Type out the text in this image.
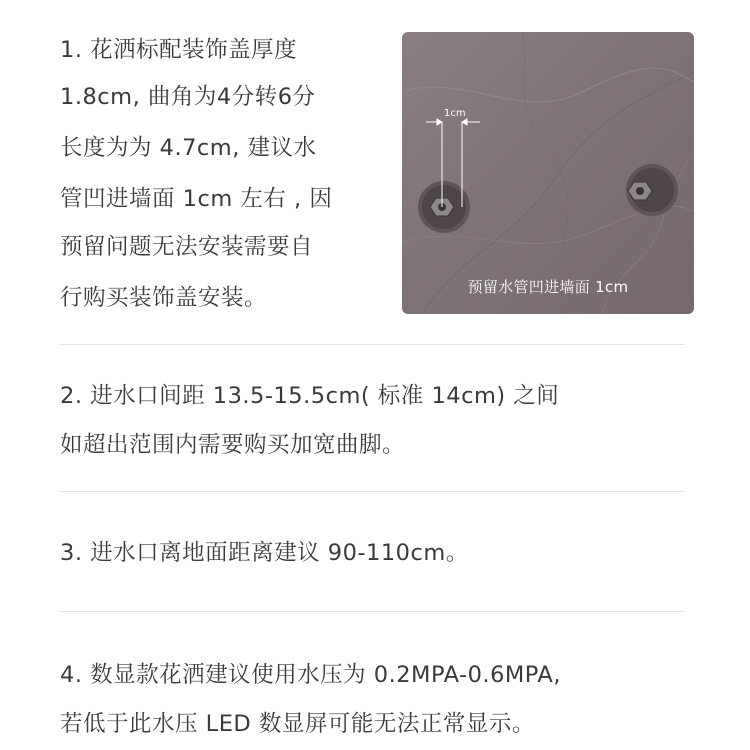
1. 花洒标配装饰盖厚度
1.8cm, 曲角为4分转6分
长度为为 4.7cm, 建议水
管凹进墙面 1cm 左右 , 因
预留问题无法安装需要自
行购买装饰盖安装。
1cm
预留水管凹进墙面 1cm
2. 进水口间距 13.5-15.5cm( 标准 14cm) 之间
如超出范围内需要购买加宽曲脚。
3. 进水口离地面距离建议 90-110cm。
4. 数显款花洒建议使用水压为 0.2MPA-0.6MPA,
若低于此水压 LED 数显屏可能无法正常显示。
